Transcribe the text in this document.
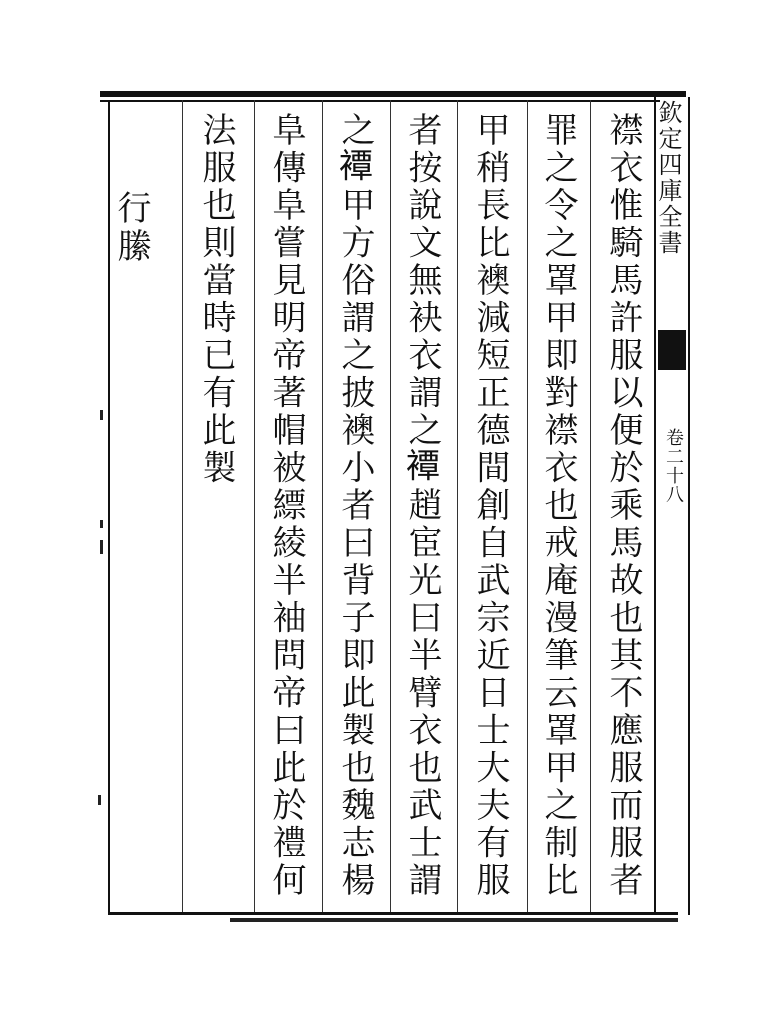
欽定四庫全書
卷二十八
襟衣惟騎馬許服以便於乘馬故也其不應服而服者
罪之令之罩甲即對襟衣也戒庵漫筆云罩甲之制比
甲稍長比襖減短正德間創自武宗近日士大夫有服
者按說文無袂衣謂之𧝓趙宦光曰半臂衣也武士謂
之𧝓甲方俗謂之披襖小者曰背子即此製也魏志楊
阜傳阜嘗見明帝著帽被縹綾半袖問帝曰此於禮何
法服也則當時已有此製
行縢
